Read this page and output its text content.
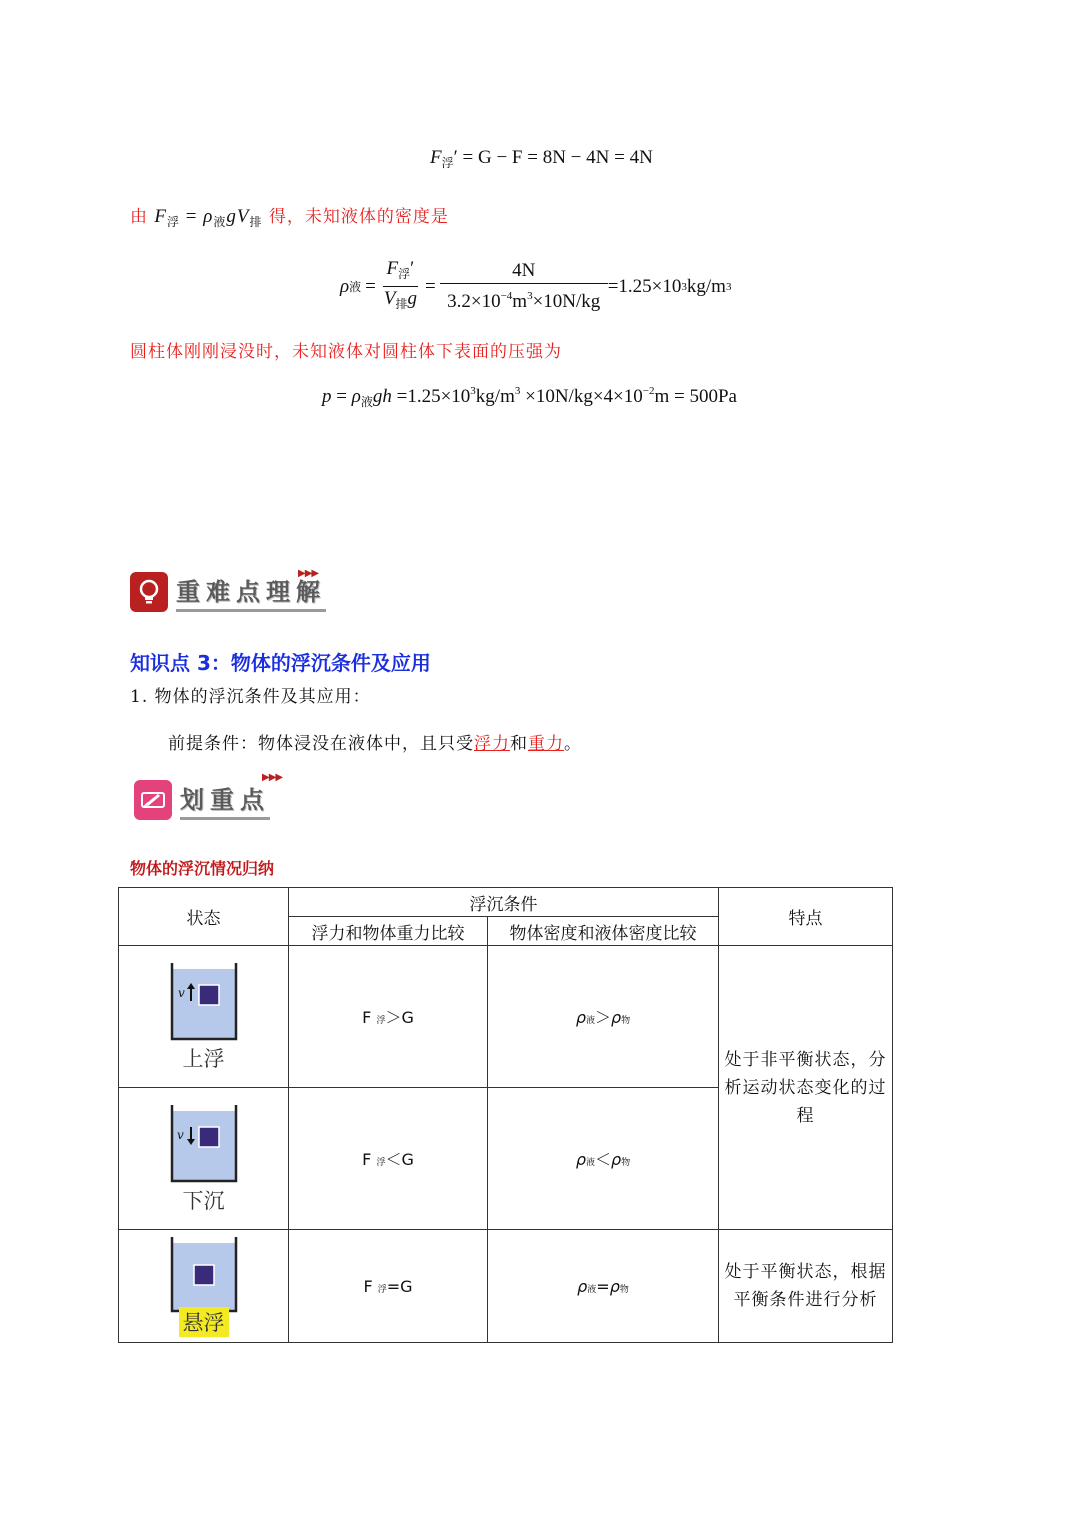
$F_浮' = G - F = 8N - 4N = 4N$
由 $F_浮 = \rho_液gV_排$ 得，未知液体的密度是
ρ 液 = $\frac{F_浮'}{V_排g} = \frac{4N}{3.2\times 10^{-4}m^3\times 10N/kg} =1.25\times 10$ 3 kg/m 3
圆柱体刚刚浸没时，未知液体对圆柱体下表面的压强为
$p = \rho_液gh =1.25\times 10^3kg/m^3 \times 10N/kg\times 4\times 10^{-2}m = 500Pa$
重难点理解
▶▶▶
知识点 3：物体的浮沉条件及应用
1. 物体的浮沉条件及其应用：
前提条件：物体浸没在液体中，且只受浮力和重力。
划重点
▶▶▶
物体的浮沉情况归纳
状态	浮沉条件		特点
	浮力和物体重力比较	物体密度和液体密度比较	

v
上浮	F 浮＞G	ρ液＞ρ物	处于非平衡状态，分析运动状态变化的过程

v
下沉	F 浮＜G	ρ液＜ρ物	

悬浮	F 浮=G	ρ液=ρ物	处于平衡状态，根据平衡条件进行分析
